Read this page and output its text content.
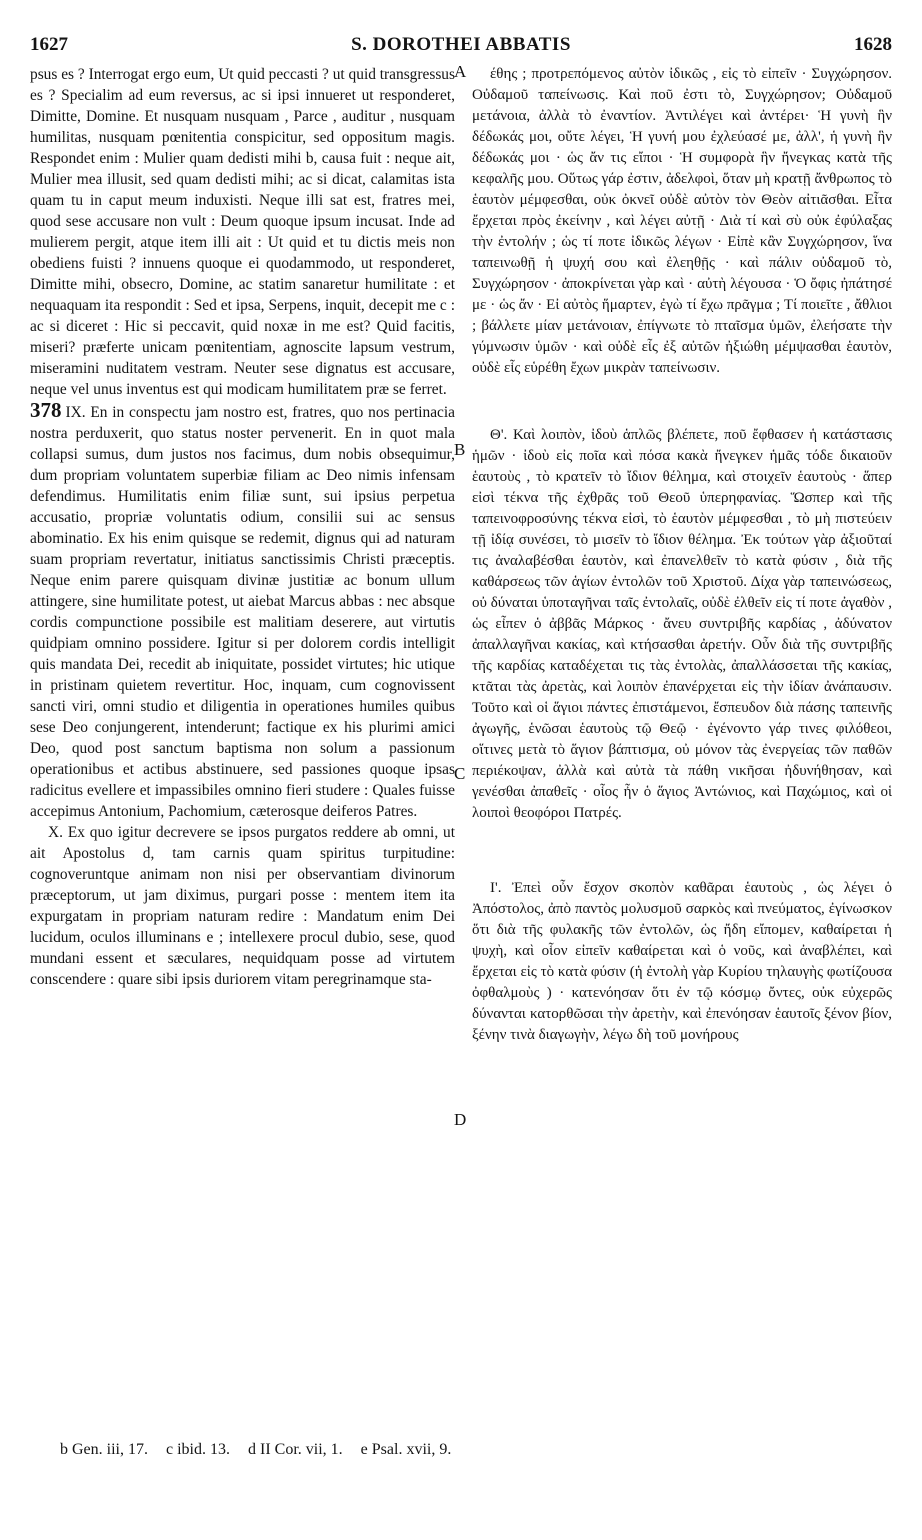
1627	S. DOROTHEI ABBATIS	1628
A
B
C
D

psus es ? Interrogat ergo eum, Ut quid peccasti ? ut quid transgressus es ? Specialim ad eum reversus, ac si ipsi innueret ut responderet, Dimitte, Domine. Et nusquam nusquam , Parce , auditur , nusquam humilitas, nusquam pœnitentia conspicitur, sed oppositum magis. Respondet enim : Mulier quam dedisti mihi b, causa fuit : neque ait, Mulier mea illusit, sed quam dedisti mihi; ac si dicat, calamitas ista quam tu in caput meum induxisti. Neque illi sat est, fratres mei, quod sese accusare non vult : Deum quoque ipsum incusat. Inde ad mulierem pergit, atque item illi ait : Ut quid et tu dictis meis non obediens fuisti ? innuens quoque ei quodammodo, ut responderet, Dimitte mihi, obsecro, Domine, ac statim sanaretur humilitate : et nequaquam ita respondit : Sed et ipsa, Serpens, inquit, decepit me c : ac si diceret : Hic si peccavit, quid noxæ in me est? Quid facitis, miseri? præferte unicam pœnitentiam, agnoscite lapsum vestrum, miseramini nuditatem vestram. Neuter sese dignatus est accusare, neque vel unus inventus est qui modicam humilitatem præ se ferret.

378 IX. En in conspectu jam nostro est, fratres, quo nos pertinacia nostra perduxerit, quo status noster pervenerit. En in quot mala collapsi sumus, dum justos nos facimus, dum nobis obsequimur, dum propriam voluntatem superbiæ filiam ac Deo nimis infensam defendimus. Humilitatis enim filiæ sunt, sui ipsius perpetua accusatio, propriæ voluntatis odium, consilii sui ac sensus abominatio. Ex his enim quisque se redemit, dignus qui ad naturam suam propriam revertatur, initiatus sanctissimis Christi præceptis. Neque enim parere quisquam divinæ justitiæ ac bonum ullum attingere, sine humilitate potest, ut aiebat Marcus abbas : nec absque cordis compunctione possibile est malitiam deserere, aut virtutis quidpiam omnino possidere. Igitur si per dolorem cordis intelligit quis mandata Dei, recedit ab iniquitate, possidet virtutes; hic utique in pristinam quietem revertitur. Hoc, inquam, cum cognovissent sancti viri, omni studio et diligentia in operationes humiles quibus sese Deo conjungerent, intenderunt; factique ex his plurimi amici Deo, quod post sanctum baptisma non solum a passionum operationibus et actibus abstinuere, sed passiones quoque ipsas radicitus evellere et impassibiles omnino fieri studere : Quales fuisse accepimus Antonium, Pachomium, cæterosque deiferos Patres.

X. Ex quo igitur decrevere se ipsos purgatos reddere ab omni, ut ait Apostolus d, tam carnis quam spiritus turpitudine: cognoveruntque animam non nisi per observantiam divinorum præceptorum, ut jam diximus, purgari posse : mentem item ita expurgatam in propriam naturam redire : Mandatum enim Dei lucidum, oculos illuminans e ; intellexere procul dubio, sese, quod mundani essent et sæculares, nequidquam posse ad virtutem conscendere : quare sibi ipsis duriorem vitam peregrinamque sta-

έθης ; προτρεπόμενος αὐτὸν ἰδικῶς , εἰς τὸ εἰπεῖν · Συγχώρησον. Οὐδαμοῦ ταπείνωσις. Καὶ ποῦ ἐστι τὸ, Συγχώρησον; Οὐδαμοῦ μετάνοια, ἀλλὰ τὸ ἐναντίον. Ἀντιλέγει καὶ ἀντέρει· Ἡ γυνὴ ἣν δέδωκάς μοι, οὔτε λέγει, Ἡ γυνή μου ἐχλεύασέ με, ἀλλ', ἡ γυνὴ ἣν δέδωκάς μοι · ὡς ἄν τις εἴποι · Ἡ συμφορὰ ἣν ἤνεγκας κατὰ τῆς κεφαλῆς μου. Οὕτως γάρ ἐστιν, ἀδελφοὶ, ὅταν μὴ κρατῇ ἄνθρωπος τὸ ἑαυτὸν μέμφεσθαι, οὐκ ὀκνεῖ οὐδὲ αὐτὸν τὸν Θεὸν αἰτιᾶσθαι. Εἶτα ἔρχεται πρὸς ἐκείνην , καὶ λέγει αὐτῇ · Διὰ τί καὶ σὺ οὐκ ἐφύλαξας τὴν ἐντολήν ; ὡς τί ποτε ἰδικῶς λέγων · Εἰπὲ κἂν Συγχώρησον, ἵνα ταπεινωθῇ ἡ ψυχή σου καὶ ἐλεηθῇς · καὶ πάλιν οὐδαμοῦ τὸ, Συγχώρησον · ἀποκρίνεται γὰρ καὶ · αὐτὴ λέγουσα · Ὁ ὄφις ἠπάτησέ με · ὡς ἄν · Εἰ αὐτὸς ἥμαρτεν, ἐγὼ τί ἔχω πρᾶγμα ; Τί ποιεῖτε , ἄθλιοι ; βάλλετε μίαν μετάνοιαν, ἐπίγνωτε τὸ πταῖσμα ὑμῶν, ἐλεήσατε τὴν γύμνωσιν ὑμῶν · καὶ οὐδὲ εἷς ἐξ αὐτῶν ἠξιώθη μέμψασθαι ἑαυτὸν, οὐδὲ εἷς εὑρέθη ἔχων μικρὰν ταπείνωσιν.

Θ'. Καὶ λοιπὸν, ἰδοὺ ἁπλῶς βλέπετε, ποῦ ἔφθασεν ἡ κατάστασις ἡμῶν · ἰδοὺ εἰς ποῖα καὶ πόσα κακὰ ἤνεγκεν ἡμᾶς τόδε δικαιοῦν ἑαυτοὺς , τὸ κρατεῖν τὸ ἴδιον θέλημα, καὶ στοιχεῖν ἑαυτοὺς · ἅπερ εἰσὶ τέκνα τῆς ἐχθρᾶς τοῦ Θεοῦ ὑπερηφανίας. Ὥσπερ καὶ τῆς ταπεινοφροσύνης τέκνα εἰσὶ, τὸ ἑαυτὸν μέμφεσθαι , τὸ μὴ πιστεύειν τῇ ἰδίᾳ συνέσει, τὸ μισεῖν τὸ ἴδιον θέλημα. Ἐκ τούτων γὰρ ἀξιοῦταί τις ἀναλαβέσθαι ἑαυτὸν, καὶ ἐπανελθεῖν τὸ κατὰ φύσιν , διὰ τῆς καθάρσεως τῶν ἁγίων ἐντολῶν τοῦ Χριστοῦ. Δίχα γὰρ ταπεινώσεως, οὐ δύναται ὑποταγῆναι ταῖς ἐντολαῖς, οὐδὲ ἐλθεῖν εἰς τί ποτε ἀγαθὸν , ὡς εἶπεν ὁ ἀββᾶς Μάρκος · ἄνευ συντριβῆς καρδίας , ἀδύνατον ἀπαλλαγῆναι κακίας, καὶ κτήσασθαι ἀρετήν. Οὖν διὰ τῆς συντριβῆς τῆς καρδίας καταδέχεται τις τὰς ἐντολὰς, ἀπαλλάσσεται τῆς κακίας, κτᾶται τὰς ἀρετὰς, καὶ λοιπὸν ἐπανέρχεται εἰς τὴν ἰδίαν ἀνάπαυσιν. Τοῦτο καὶ οἱ ἅγιοι πάντες ἐπιστάμενοι, ἔσπευδον διὰ πάσης ταπεινῆς ἀγωγῆς, ἑνῶσαι ἑαυτοὺς τῷ Θεῷ · ἐγένοντο γάρ τινες φιλόθεοι, οἵτινες μετὰ τὸ ἅγιον βάπτισμα, οὐ μόνον τὰς ἐνεργείας τῶν παθῶν περιέκοψαν, ἀλλὰ καὶ αὐτὰ τὰ πάθη νικῆσαι ἠδυνήθησαν, καὶ γενέσθαι ἀπαθεῖς · οἷος ἦν ὁ ἅγιος Ἀντώνιος, καὶ Παχώμιος, καὶ οἱ λοιποὶ θεοφόροι Πατρές.

Ι'. Ἐπεὶ οὖν ἔσχον σκοπὸν καθᾶραι ἑαυτοὺς , ὡς λέγει ὁ Ἀπόστολος, ἀπὸ παντὸς μολυσμοῦ σαρκὸς καὶ πνεύματος, ἐγίνωσκον ὅτι διὰ τῆς φυλακῆς τῶν ἐντολῶν, ὡς ἤδη εἴπομεν, καθαίρεται ἡ ψυχὴ, καὶ οἷον εἰπεῖν καθαίρεται καὶ ὁ νοῦς, καὶ ἀναβλέπει, καὶ ἔρχεται εἰς τὸ κατὰ φύσιν (ἡ ἐντολὴ γὰρ Κυρίου τηλαυγὴς φωτίζουσα ὀφθαλμοὺς ) · κατενόησαν ὅτι ἐν τῷ κόσμῳ ὄντες, οὐκ εὐχερῶς δύνανται κατορθῶσαι τὴν ἀρετὴν, καὶ ἐπενόησαν ἑαυτοῖς ξένον βίον, ξένην τινὰ διαγωγὴν, λέγω δὴ τοῦ μονήρους

b Gen. iii, 17. c ibid. 13. d II Cor. vii, 1. e Psal. xvii, 9.
